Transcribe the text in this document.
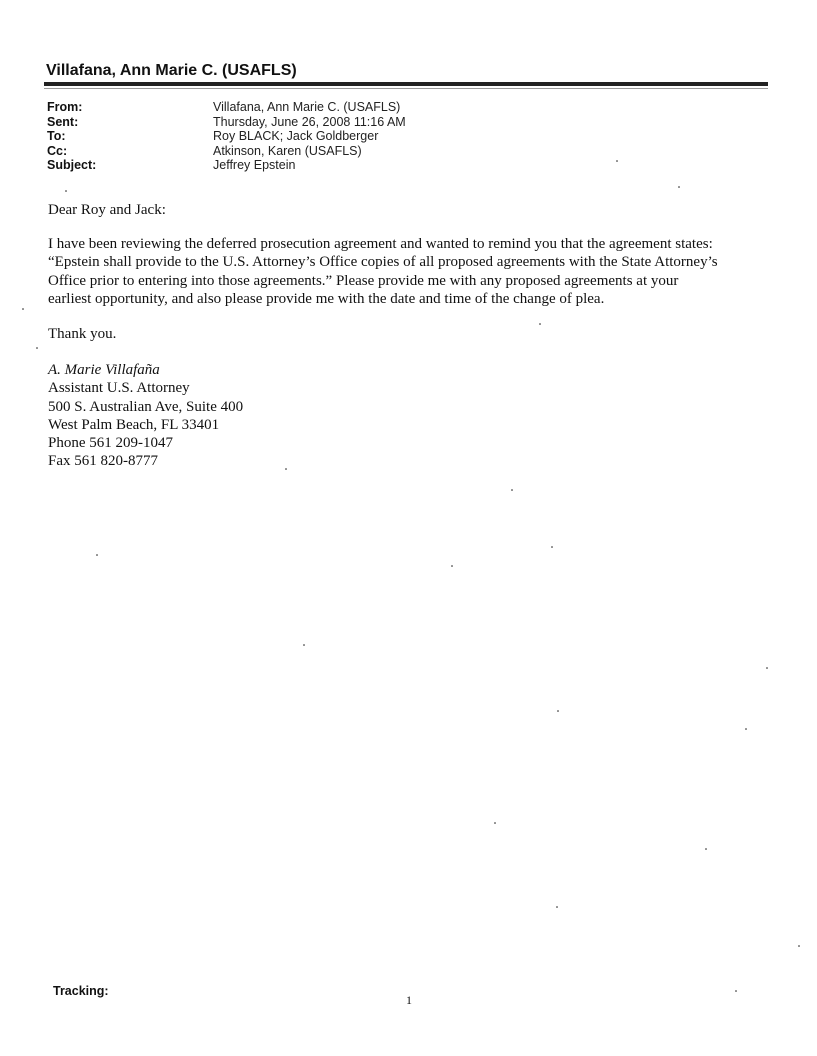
Villafana, Ann Marie C. (USAFLS)
From:	Villafana, Ann Marie C. (USAFLS)
Sent:	Thursday, June 26, 2008 11:16 AM
To:	Roy BLACK; Jack Goldberger
Cc:	Atkinson, Karen (USAFLS)
Subject:	Jeffrey Epstein

Dear Roy and Jack:

I have been reviewing the deferred prosecution agreement and wanted to remind you that the agreement states:
“Epstein shall provide to the U.S. Attorney’s Office copies of all proposed agreements with the State Attorney’s
Office prior to entering into those agreements.” Please provide me with any proposed agreements at your
earliest opportunity, and also please provide me with the date and time of the change of plea.

Thank you.

A. Marie Villafaña
Assistant U.S. Attorney
500 S. Australian Ave, Suite 400
West Palm Beach, FL 33401
Phone 561 209-1047
Fax 561 820-8777
Tracking:
1
